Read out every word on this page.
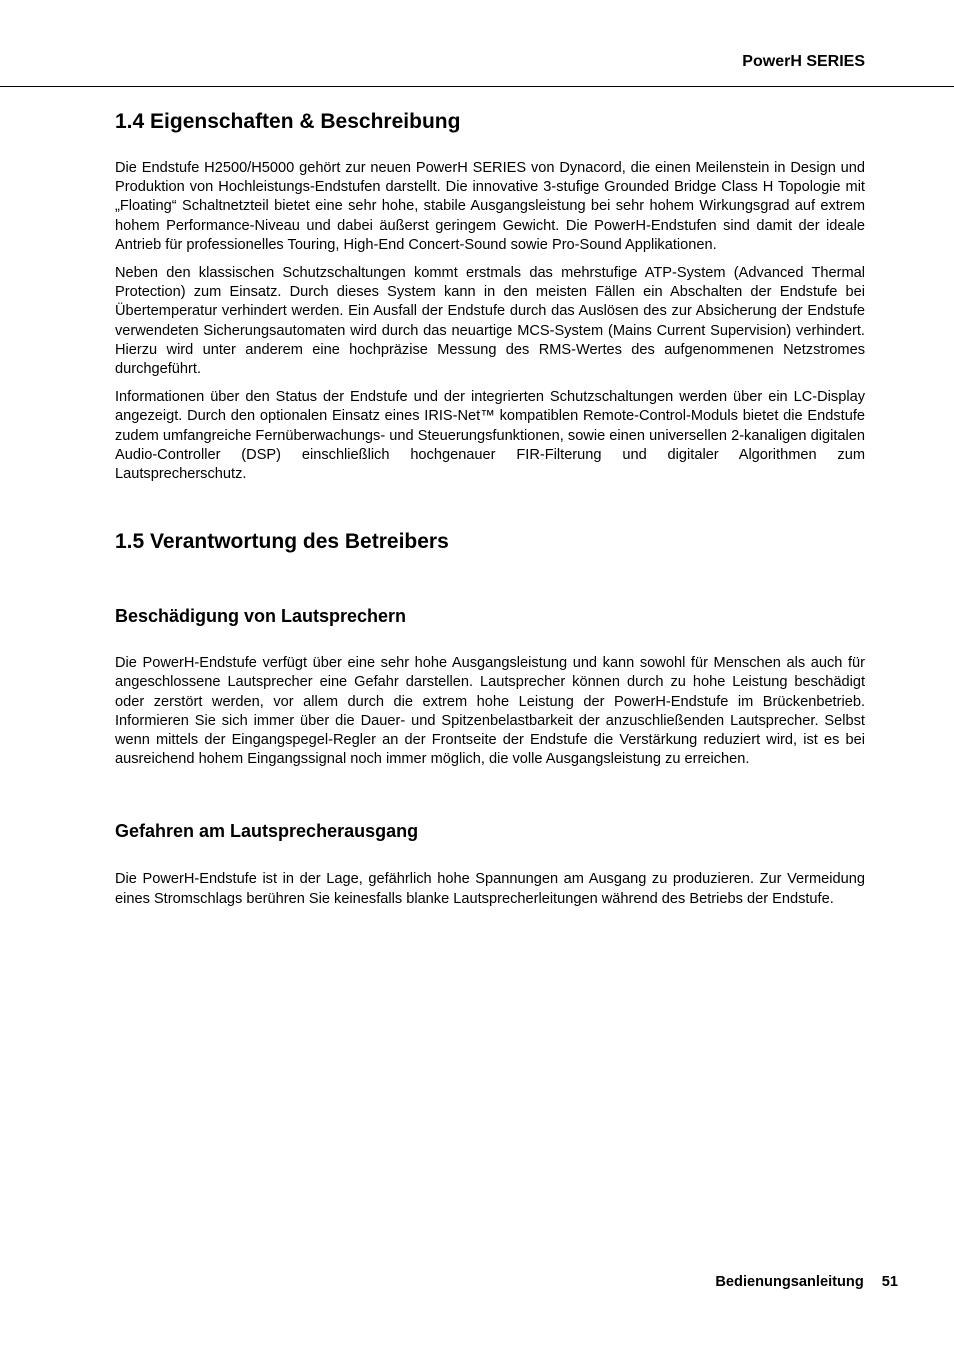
PowerH SERIES
1.4 Eigenschaften & Beschreibung

Die Endstufe H2500/H5000 gehört zur neuen PowerH SERIES von Dynacord, die einen Meilenstein in Design und Produktion von Hochleistungs-Endstufen darstellt. Die innovative 3-stufige Grounded Bridge Class H Topologie mit „Floating“ Schaltnetzteil bietet eine sehr hohe, stabile Ausgangsleistung bei sehr hohem Wirkungsgrad auf extrem hohem Performance-Niveau und dabei äußerst geringem Gewicht. Die PowerH-Endstufen sind damit der ideale Antrieb für professionelles Touring, High-End Concert-Sound sowie Pro-Sound Applikationen.

Neben den klassischen Schutzschaltungen kommt erstmals das mehrstufige ATP-System (Advanced Thermal Protection) zum Einsatz. Durch dieses System kann in den meisten Fällen ein Abschalten der Endstufe bei Übertemperatur verhindert werden. Ein Ausfall der Endstufe durch das Auslösen des zur Absicherung der Endstufe verwendeten Sicherungsautomaten wird durch das neuartige MCS-System (Mains Current Supervision) verhindert. Hierzu wird unter anderem eine hochpräzise Messung des RMS-Wertes des aufgenommenen Netzstromes durchgeführt.

Informationen über den Status der Endstufe und der integrierten Schutzschaltungen werden über ein LC-Display angezeigt. Durch den optionalen Einsatz eines IRIS-Net™ kompatiblen Remote-Control-Moduls bietet die Endstufe zudem umfangreiche Fernüberwachungs- und Steuerungsfunktionen, sowie einen universellen 2-kanaligen digitalen Audio-Controller (DSP) einschließlich hochgenauer FIR-Filterung und digitaler Algorithmen zum Lautsprecherschutz.

1.5 Verantwortung des Betreibers
Beschädigung von Lautsprechern

Die PowerH-Endstufe verfügt über eine sehr hohe Ausgangsleistung und kann sowohl für Menschen als auch für angeschlossene Lautsprecher eine Gefahr darstellen. Lautsprecher können durch zu hohe Leistung beschädigt oder zerstört werden, vor allem durch die extrem hohe Leistung der PowerH-Endstufe im Brückenbetrieb. Informieren Sie sich immer über die Dauer- und Spitzenbelastbarkeit der anzuschließenden Lautsprecher. Selbst wenn mittels der Eingangspegel-Regler an der Frontseite der Endstufe die Verstärkung reduziert wird, ist es bei ausreichend hohem Eingangssignal noch immer möglich, die volle Ausgangsleistung zu erreichen.

Gefahren am Lautsprecherausgang

Die PowerH-Endstufe ist in der Lage, gefährlich hohe Spannungen am Ausgang zu produzieren. Zur Vermeidung eines Stromschlags berühren Sie keinesfalls blanke Lautsprecherleitungen während des Betriebs der Endstufe.

Bedienungsanleitung 51
